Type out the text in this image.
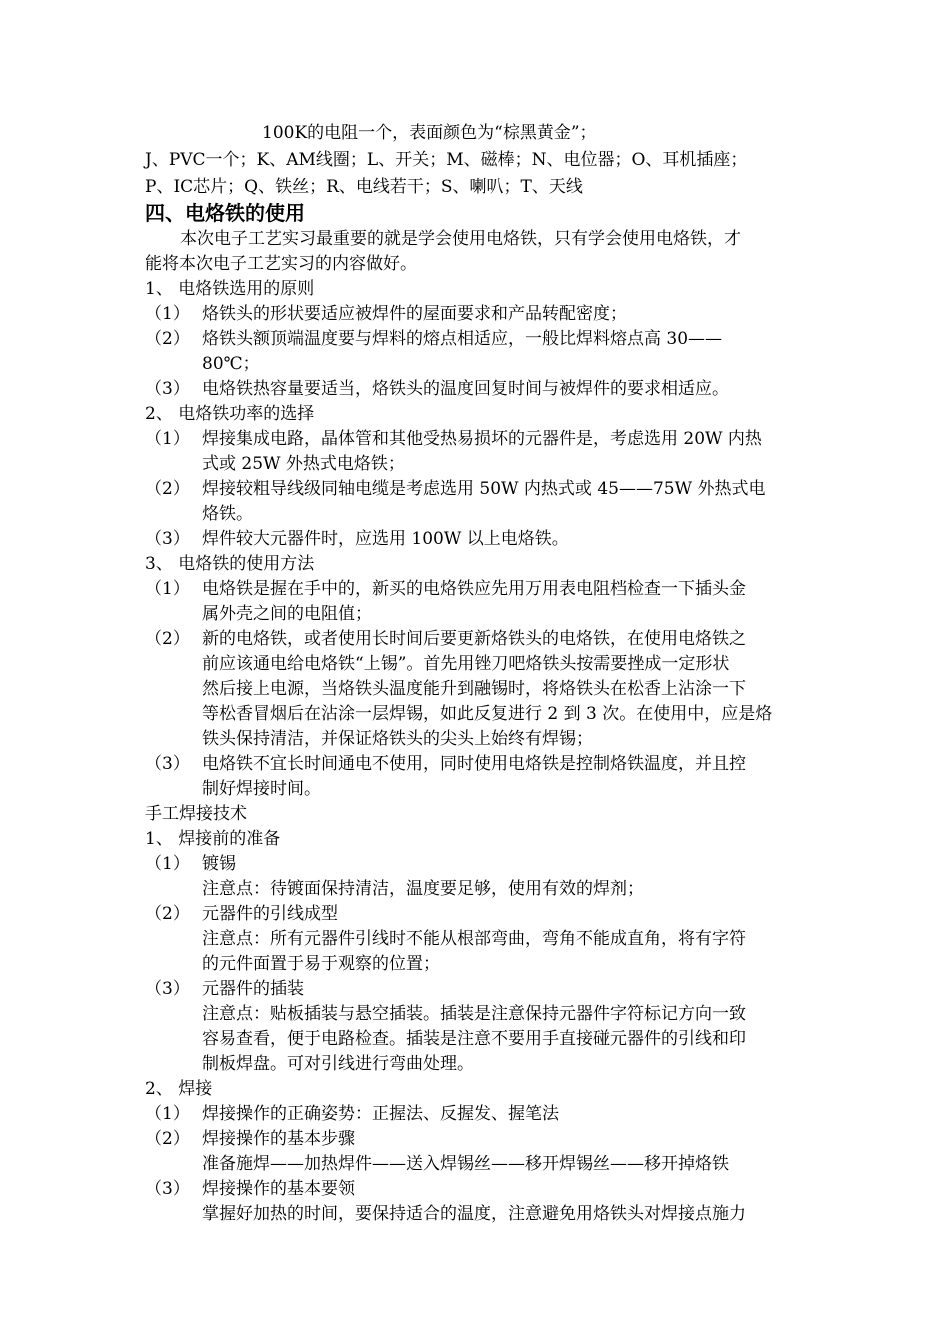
100K的电阻一个，表面颜色为“棕黑黄金”；
J、PVC一个；K、AM线圈；L、开关；M、磁棒；N、电位器；O、耳机插座；
P、IC芯片；Q、铁丝；R、电线若干；S、喇叭；T、天线
四、电烙铁的使用
本次电子工艺实习最重要的就是学会使用电烙铁，只有学会使用电烙铁，才
能将本次电子工艺实习的内容做好。
1、 电烙铁选用的原则
（1） 烙铁头的形状要适应被焊件的屋面要求和产品转配密度；
（2） 烙铁头额顶端温度要与焊料的熔点相适应，一般比焊料熔点高 30——
80℃；
（3） 电烙铁热容量要适当，烙铁头的温度回复时间与被焊件的要求相适应。
2、 电烙铁功率的选择
（1） 焊接集成电路，晶体管和其他受热易损坏的元器件是，考虑选用 20W 内热
式或 25W 外热式电烙铁；
（2） 焊接较粗导线级同轴电缆是考虑选用 50W 内热式或 45——75W 外热式电
烙铁。
（3） 焊件较大元器件时，应选用 100W 以上电烙铁。
3、 电烙铁的使用方法
（1） 电烙铁是握在手中的，新买的电烙铁应先用万用表电阻档检查一下插头金
属外壳之间的电阻值；
（2） 新的电烙铁，或者使用长时间后要更新烙铁头的电烙铁，在使用电烙铁之
前应该通电给电烙铁“上锡”。首先用锉刀吧烙铁头按需要挫成一定形状
然后接上电源，当烙铁头温度能升到融锡时，将烙铁头在松香上沾涂一下
等松香冒烟后在沾涂一层焊锡，如此反复进行 2 到 3 次。在使用中，应是烙
铁头保持清洁，并保证烙铁头的尖头上始终有焊锡；
（3） 电烙铁不宜长时间通电不使用，同时使用电烙铁是控制烙铁温度，并且控
制好焊接时间。
手工焊接技术
1、 焊接前的准备
（1） 镀锡
注意点：待镀面保持清洁，温度要足够，使用有效的焊剂；
（2） 元器件的引线成型
注意点：所有元器件引线时不能从根部弯曲，弯角不能成直角，将有字符
的元件面置于易于观察的位置；
（3） 元器件的插装
注意点：贴板插装与悬空插装。插装是注意保持元器件字符标记方向一致
容易查看，便于电路检查。插装是注意不要用手直接碰元器件的引线和印
制板焊盘。可对引线进行弯曲处理。
2、 焊接
（1） 焊接操作的正确姿势：正握法、反握发、握笔法
（2） 焊接操作的基本步骤
准备施焊——加热焊件——送入焊锡丝——移开焊锡丝——移开掉烙铁
（3） 焊接操作的基本要领
掌握好加热的时间，要保持适合的温度，注意避免用烙铁头对焊接点施力
